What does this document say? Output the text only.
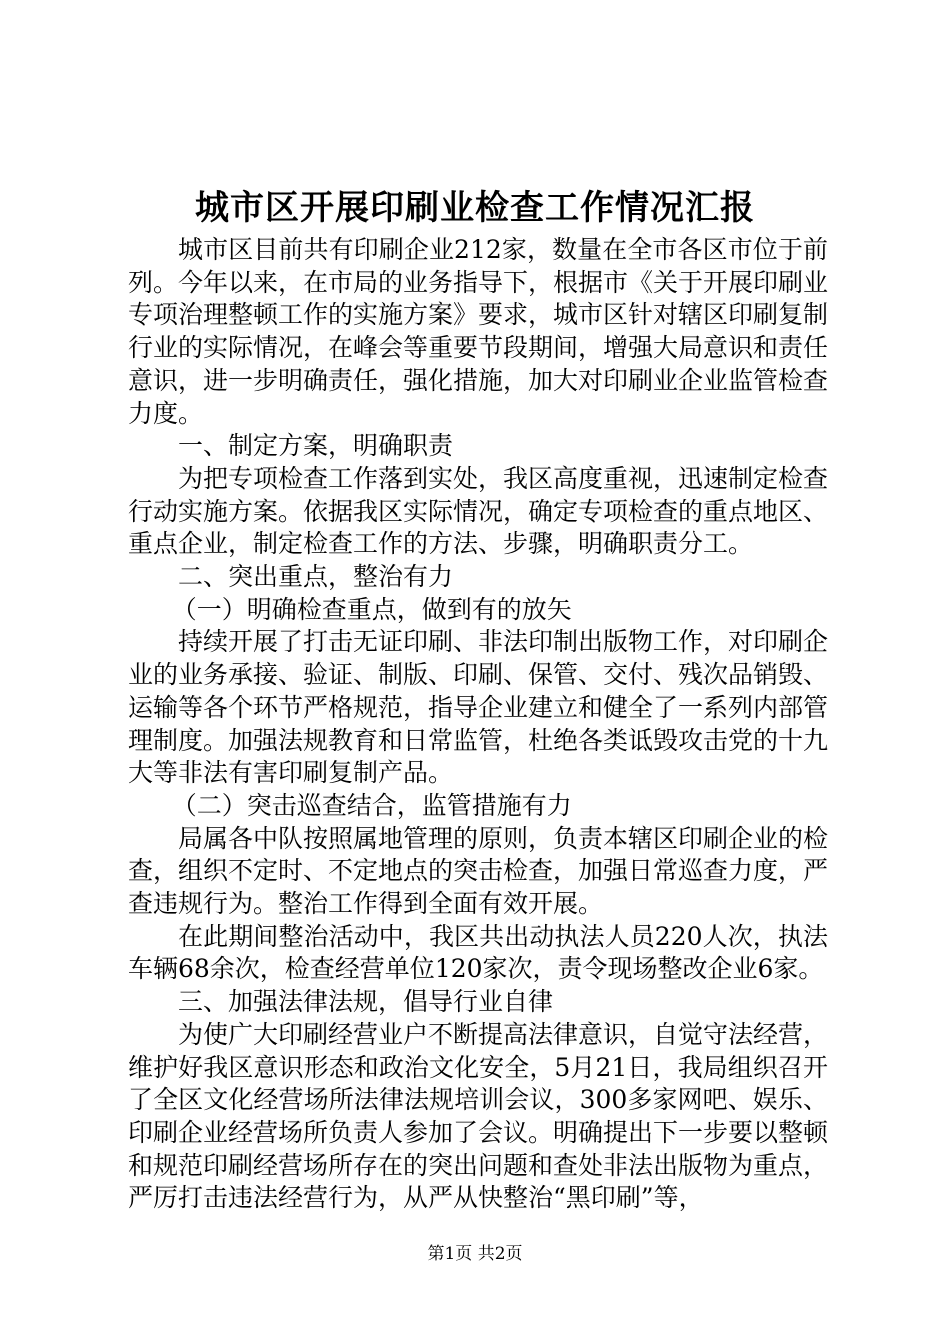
城市区开展印刷业检查工作情况汇报

城市区目前共有印刷企业212家，数量在全市各区市位于前列。今年以来，在市局的业务指导下，根据市《关于开展印刷业专项治理整顿工作的实施方案》要求，城市区针对辖区印刷复制行业的实际情况，在峰会等重要节段期间，增强大局意识和责任意识，进一步明确责任，强化措施，加大对印刷业企业监管检查力度。

一、制定方案，明确职责

为把专项检查工作落到实处，我区高度重视，迅速制定检查行动实施方案。依据我区实际情况，确定专项检查的重点地区、重点企业，制定检查工作的方法、步骤，明确职责分工。

二、突出重点，整治有力

（一）明确检查重点，做到有的放矢

持续开展了打击无证印刷、非法印制出版物工作，对印刷企业的业务承接、验证、制版、印刷、保管、交付、残次品销毁、运输等各个环节严格规范，指导企业建立和健全了一系列内部管理制度。加强法规教育和日常监管，杜绝各类诋毁攻击党的十九大等非法有害印刷复制产品。

（二）突击巡查结合，监管措施有力

局属各中队按照属地管理的原则，负责本辖区印刷企业的检查，组织不定时、不定地点的突击检查，加强日常巡查力度，严查违规行为。整治工作得到全面有效开展。

在此期间整治活动中，我区共出动执法人员220人次，执法车辆68余次，检查经营单位120家次，责令现场整改企业6家。

三、加强法律法规，倡导行业自律

为使广大印刷经营业户不断提高法律意识，自觉守法经营，维护好我区意识形态和政治文化安全，5月21日，我局组织召开了全区文化经营场所法律法规培训会议，300多家网吧、娱乐、印刷企业经营场所负责人参加了会议。明确提出下一步要以整顿和规范印刷经营场所存在的突出问题和查处非法出版物为重点，严厉打击违法经营行为，从严从快整治“黑印刷”等，

第1页 共2页
